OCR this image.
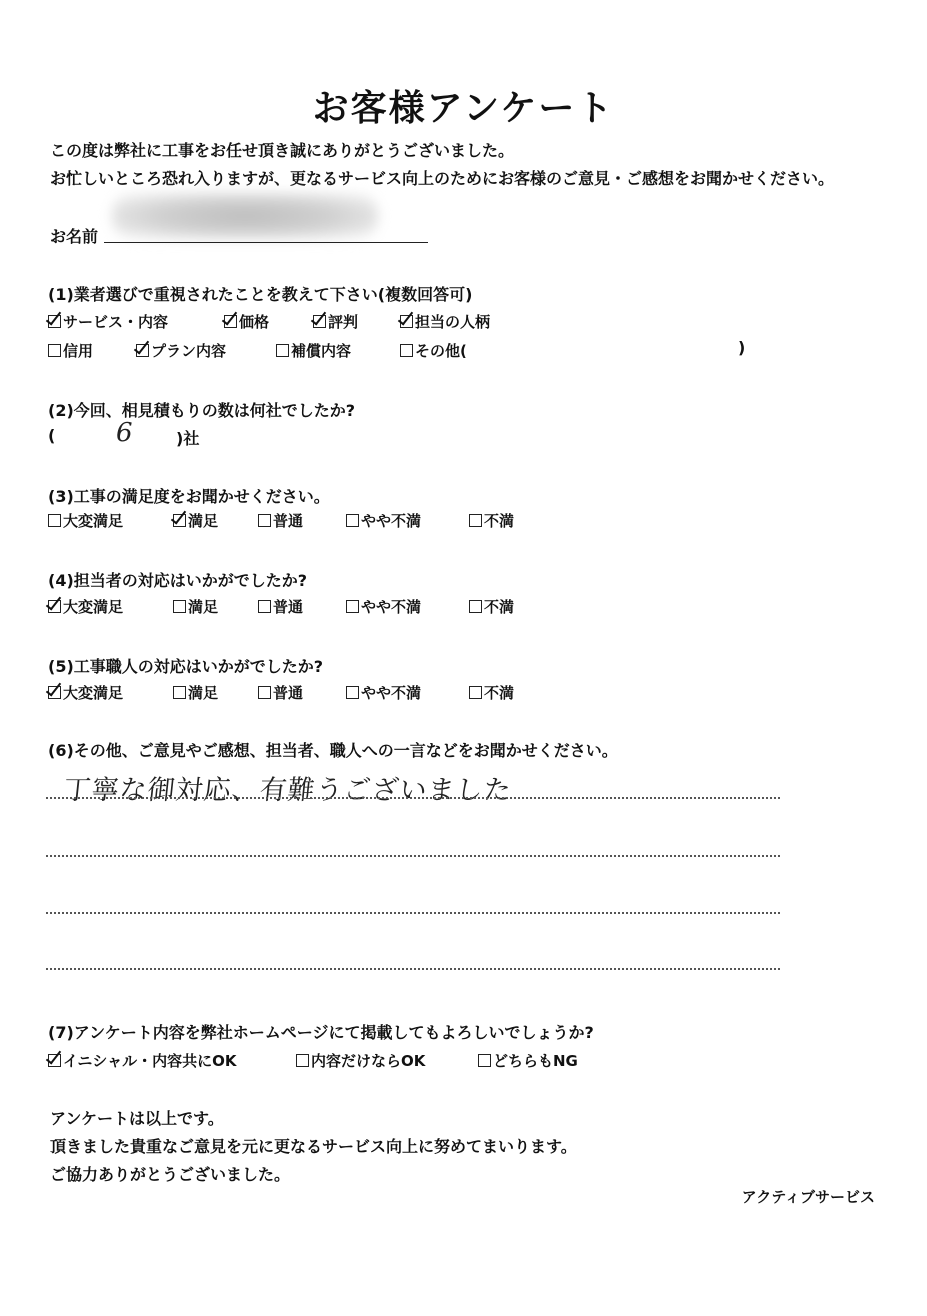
お客様アンケート
この度は弊社に工事をお任せ頂き誠にありがとうございました。
お忙しいところ恐れ入りますが、更なるサービス向上のためにお客様のご意見・ご感想をお聞かせください。
お名前
(1)業者選びで重視されたことを教えて下さい(複数回答可)
サービス・内容	価格	評判	担当の人柄
信用	プラン内容	補償内容	その他(	)
(2)今回、相見積もりの数は何社でしたか?
( 6	)社
(3)工事の満足度をお聞かせください。
大変満足	満足	普通	やや不満	不満
(4)担当者の対応はいかがでしたか?
大変満足	満足	普通	やや不満	不満
(5)工事職人の対応はいかがでしたか?
大変満足	満足	普通	やや不満	不満
(6)その他、ご意見やご感想、担当者、職人への一言などをお聞かせください。
丁寧な御対応、有難うございました
(7)アンケート内容を弊社ホームページにて掲載してもよろしいでしょうか?
イニシャル・内容共にOK	内容だけならOK	どちらもNG
アンケートは以上です。
頂きました貴重なご意見を元に更なるサービス向上に努めてまいります。
ご協力ありがとうございました。
アクティブサービス
